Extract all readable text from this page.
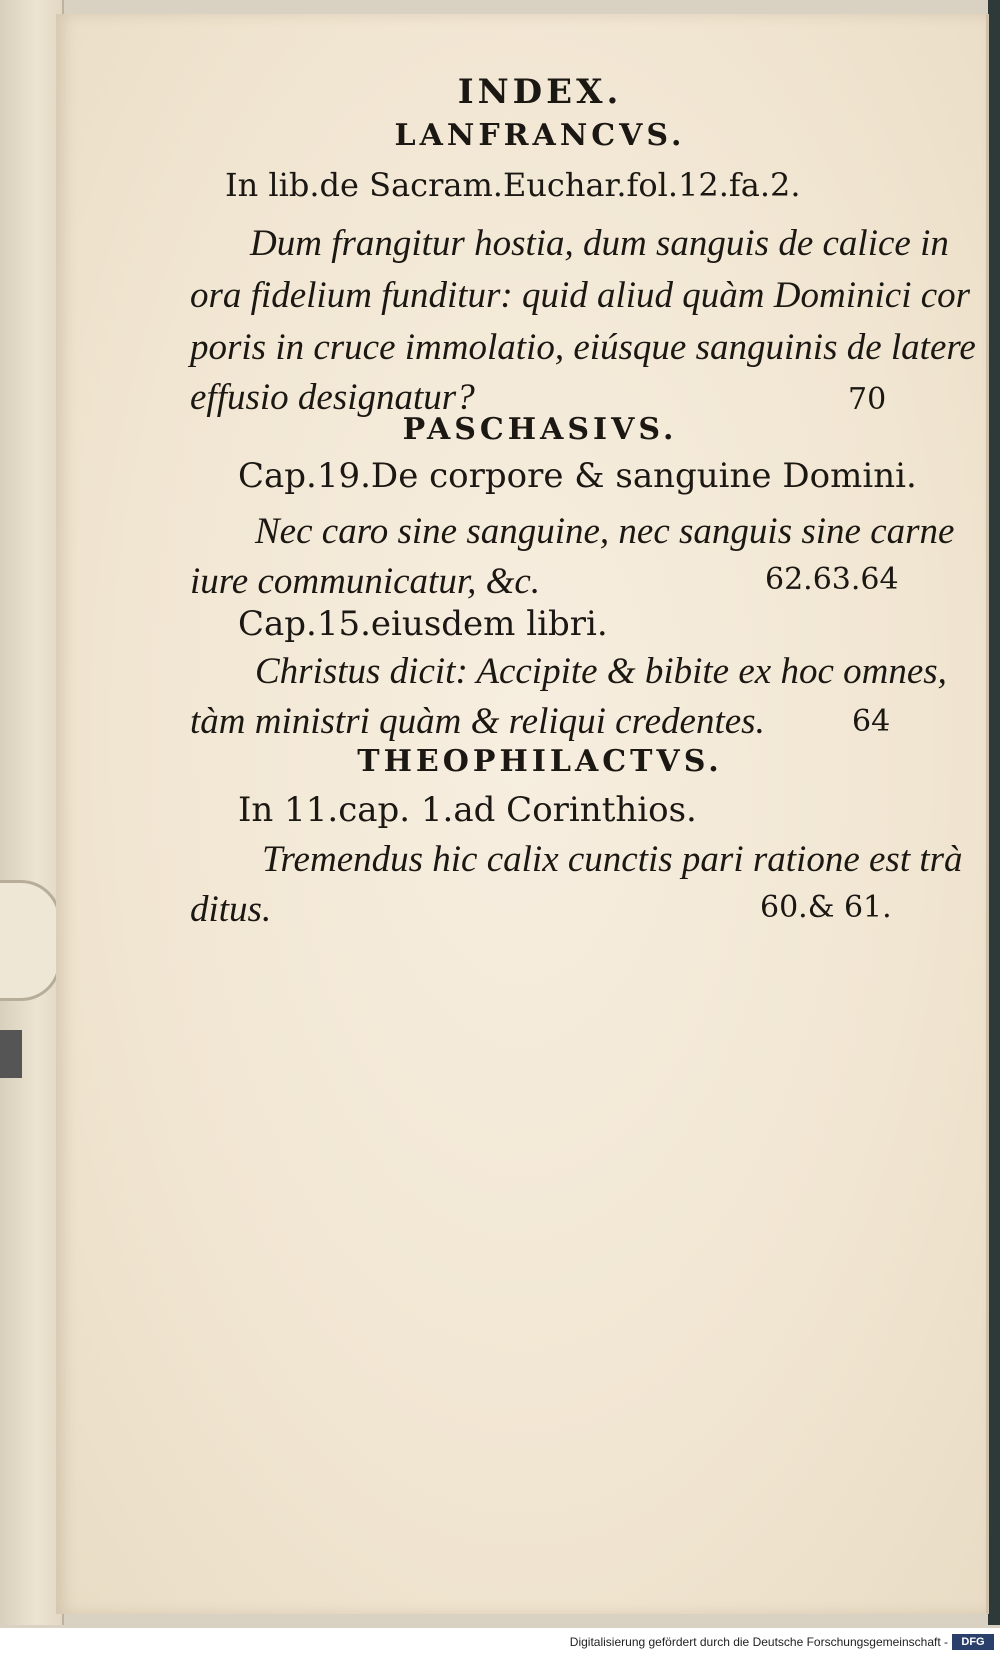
INDEX.
LANFRANCVS.
In lib.de Sacram.Euchar.fol.12.fa.2.
Dum frangitur hostia, dum sanguis de calice in
ora fidelium funditur: quid aliud quàm Dominici cor
poris in cruce immolatio, eiúsque sanguinis de latere
effusio designatur?	70
PASCHASIVS.
Cap.19.De corpore & sanguine Domini.
Nec caro sine sanguine, nec sanguis sine carne
iure communicatur, &c.	62.63.64
Cap.15.eiusdem libri.
Christus dicit: Accipite & bibite ex hoc omnes,
tàm ministri quàm & reliqui credentes.	64
THEOPHILACTVS.
In 11.cap. 1.ad Corinthios.
Tremendus hic calix cunctis pari ratione est trà
ditus.	60.& 61.
Digitalisierung gefördert durch die Deutsche Forschungsgemeinschaft -	DFG
